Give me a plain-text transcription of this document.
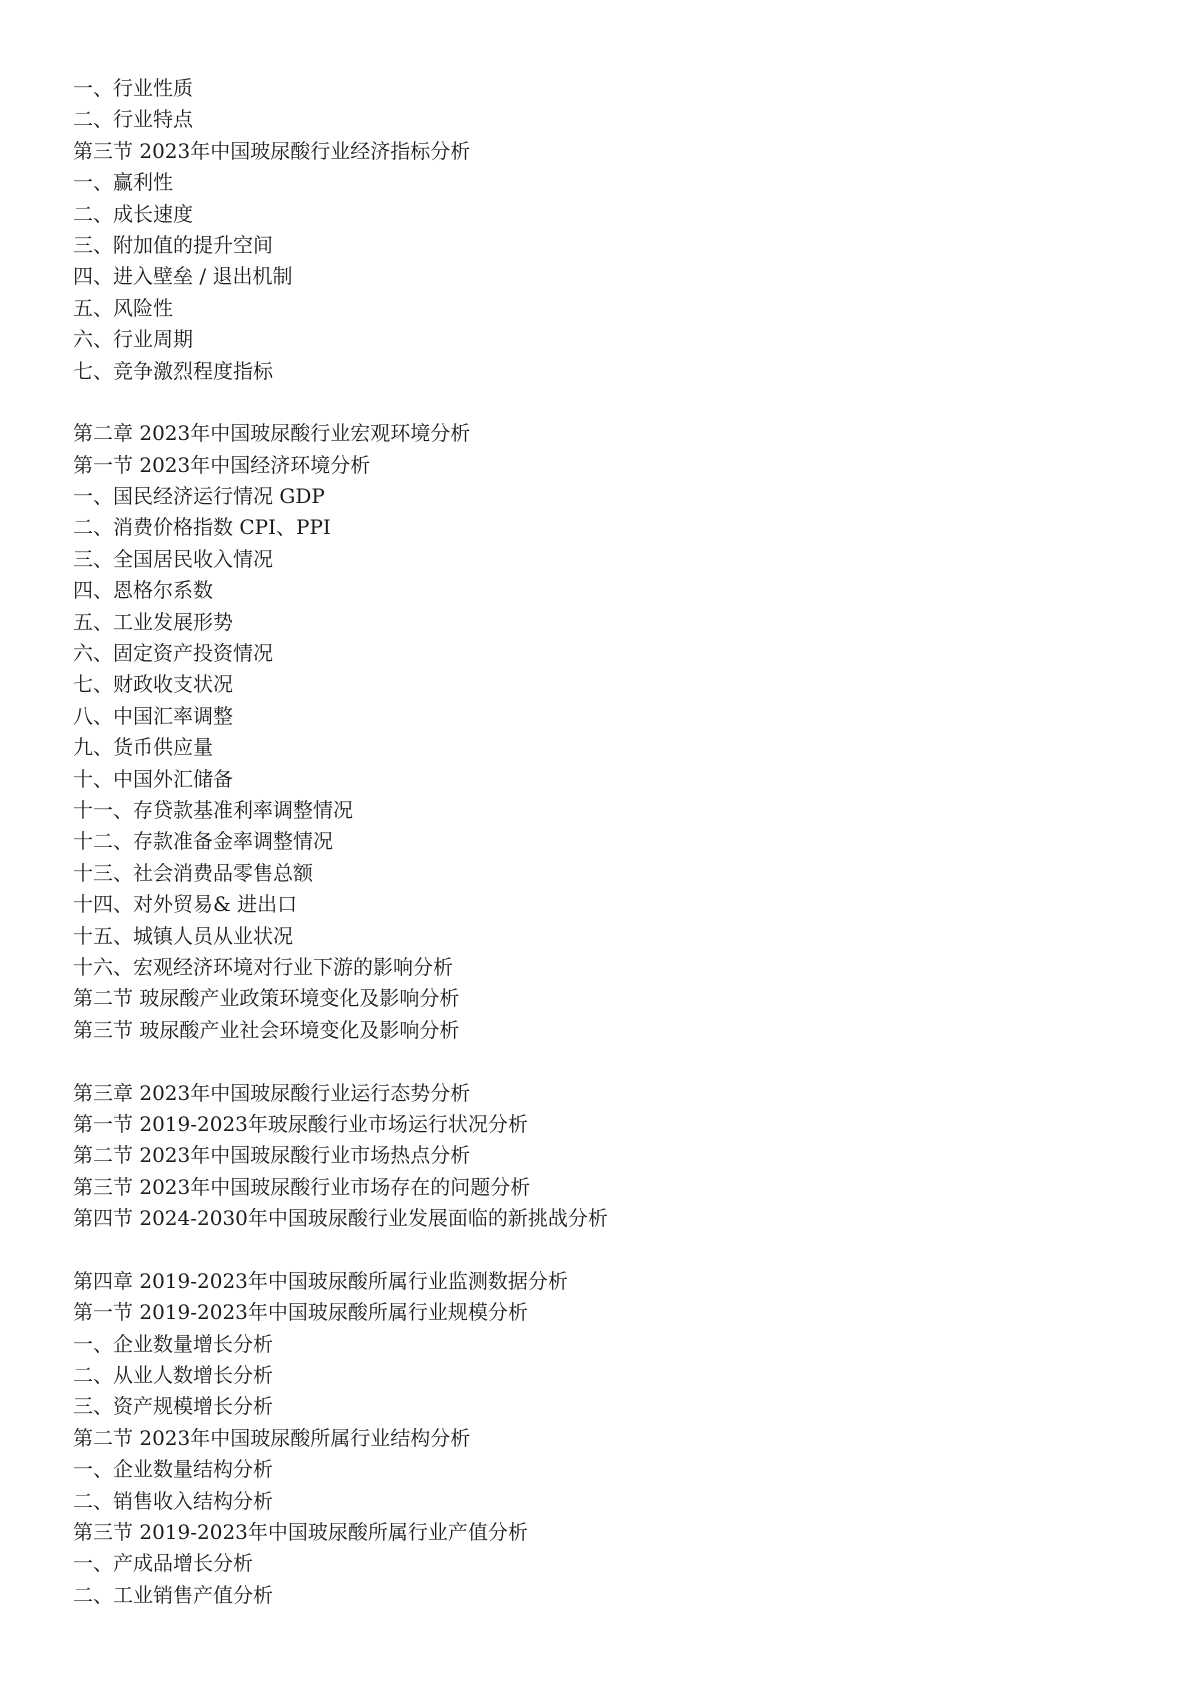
一、行业性质
二、行业特点
第三节 2023年中国玻尿酸行业经济指标分析
一、赢利性
二、成长速度
三、附加值的提升空间
四、进入壁垒 / 退出机制
五、风险性
六、行业周期
七、竞争激烈程度指标
第二章 2023年中国玻尿酸行业宏观环境分析
第一节 2023年中国经济环境分析
一、国民经济运行情况 GDP
二、消费价格指数 CPI、PPI
三、全国居民收入情况
四、恩格尔系数
五、工业发展形势
六、固定资产投资情况
七、财政收支状况
八、中国汇率调整
九、货币供应量
十、中国外汇储备
十一、存贷款基准利率调整情况
十二、存款准备金率调整情况
十三、社会消费品零售总额
十四、对外贸易& 进出口
十五、城镇人员从业状况
十六、宏观经济环境对行业下游的影响分析
第二节 玻尿酸产业政策环境变化及影响分析
第三节 玻尿酸产业社会环境变化及影响分析
第三章 2023年中国玻尿酸行业运行态势分析
第一节 2019-2023年玻尿酸行业市场运行状况分析
第二节 2023年中国玻尿酸行业市场热点分析
第三节 2023年中国玻尿酸行业市场存在的问题分析
第四节 2024-2030年中国玻尿酸行业发展面临的新挑战分析
第四章 2019-2023年中国玻尿酸所属行业监测数据分析
第一节 2019-2023年中国玻尿酸所属行业规模分析
一、企业数量增长分析
二、从业人数增长分析
三、资产规模增长分析
第二节 2023年中国玻尿酸所属行业结构分析
一、企业数量结构分析
二、销售收入结构分析
第三节 2019-2023年中国玻尿酸所属行业产值分析
一、产成品增长分析
二、工业销售产值分析
